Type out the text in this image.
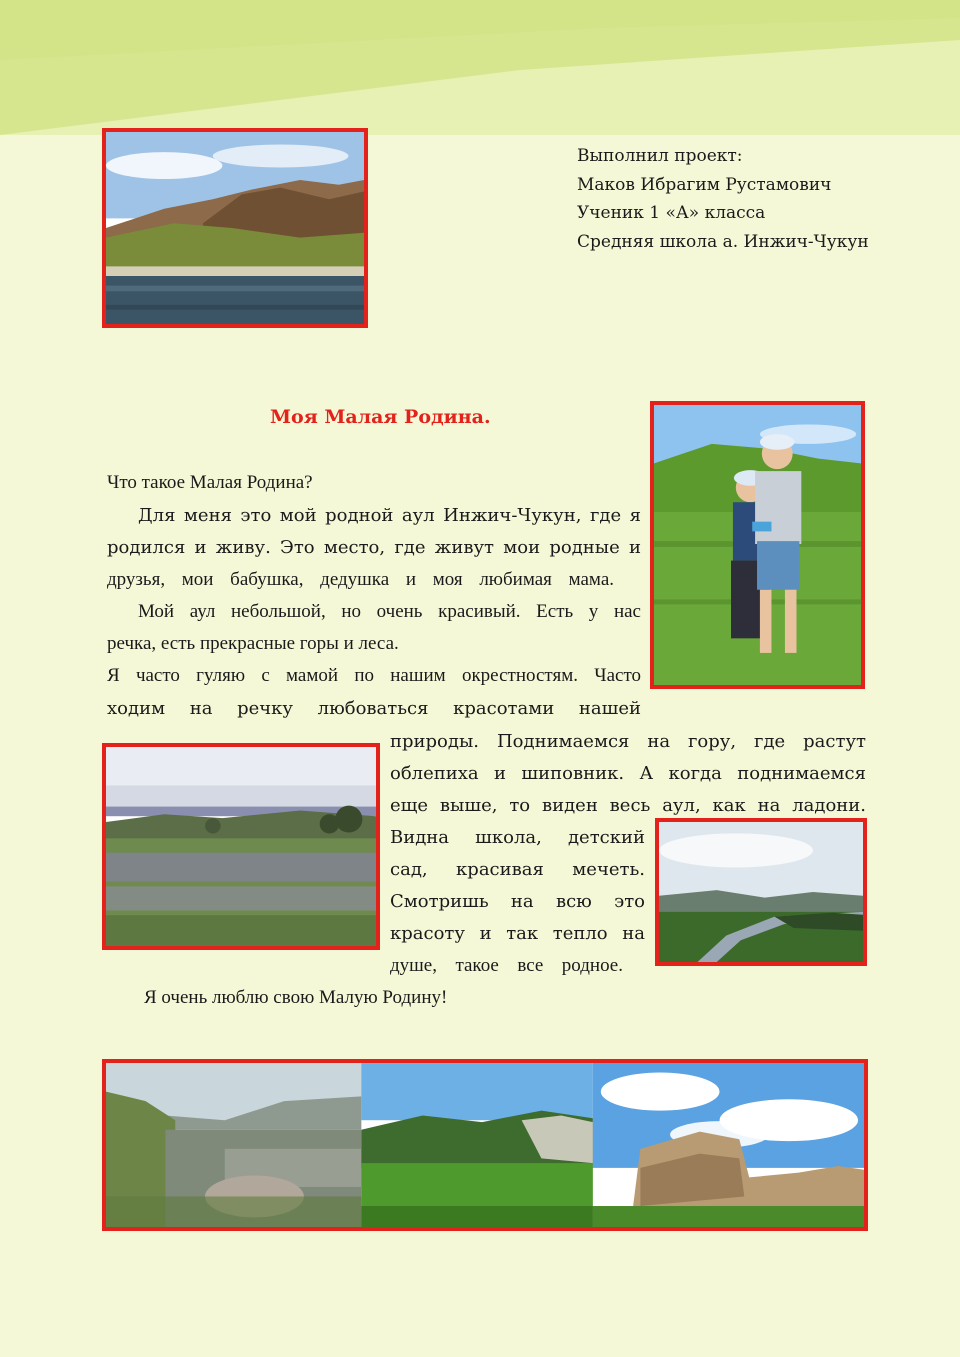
Выполнил проект:
Маков Ибрагим Рустамович
Ученик 1 «А» класса
Средняя школа а. Инжич-Чукун
Моя Малая Родина.
Что такое Малая Родина?
Для меня это мой родной аул Инжич-Чукун, где я
родился и живу. Это место, где живут мои родные и
друзья, мои бабушка, дедушка и моя любимая мама.
Мой аул небольшой, но очень красивый. Есть у нас
речка, есть прекрасные горы и леса.
Я часто гуляю с мамой по нашим окрестностям. Часто
ходим на речку любоваться красотами нашей
природы. Поднимаемся на гору, где растут
облепиха и шиповник. А когда поднимаемся
еще выше, то виден весь аул, как на ладони.
Видна школа, детский
сад, красивая мечеть.
Смотришь на всю это
красоту и так тепло на
душе, такое все родное.
Я очень люблю свою Малую Родину!
